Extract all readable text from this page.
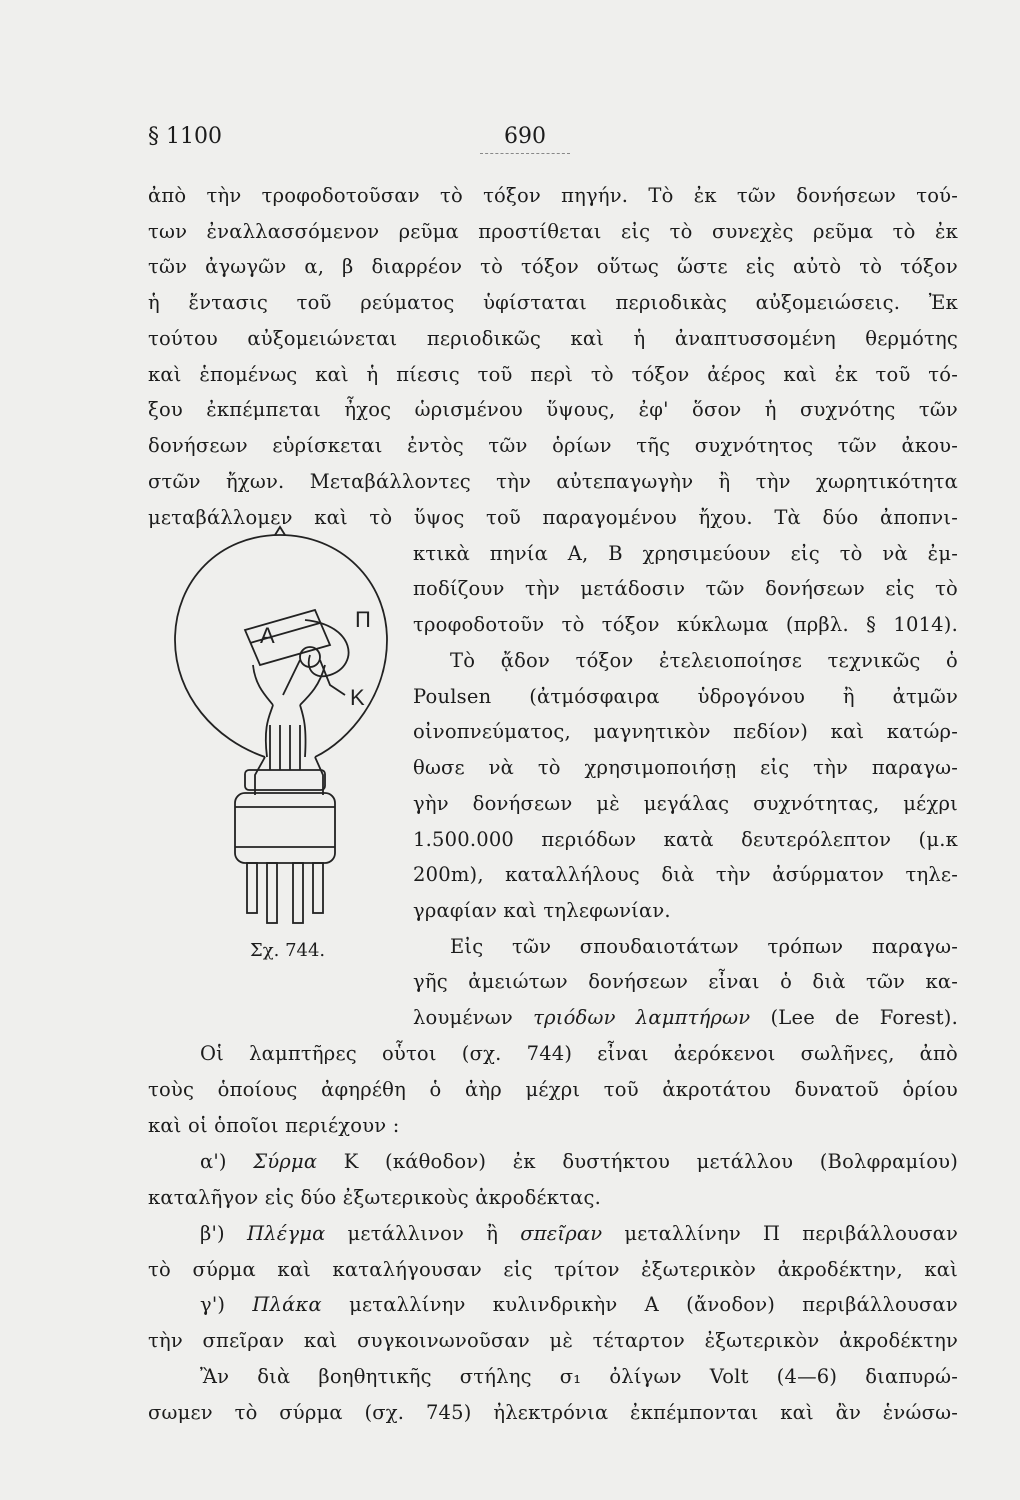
§ 1100	690
ἀπὸ τὴν τροφοδοτοῦσαν τὸ τόξον πηγήν. Τὸ ἐκ τῶν δονήσεων τού-
των ἐναλλασσόμενον ρεῦμα προστίθεται εἰς τὸ συνεχὲς ρεῦμα τὸ ἐκ
τῶν ἀγωγῶν α, β διαρρέον τὸ τόξον οὕτως ὥστε εἰς αὐτὸ τὸ τόξον
ἡ ἔντασις τοῦ ρεύματος ὑφίσταται περιοδικὰς αὐξομειώσεις. Ἐκ
τούτου αὐξομειώνεται περιοδικῶς καὶ ἡ ἀναπτυσσομένη θερμότης
καὶ ἑπομένως καὶ ἡ πίεσις τοῦ περὶ τὸ τόξον ἀέρος καὶ ἐκ τοῦ τό-
ξου ἐκπέμπεται ἦχος ὡρισμένου ὕψους, ἐφ' ὅσον ἡ συχνότης τῶν
δονήσεων εὑρίσκεται ἐντὸς τῶν ὁρίων τῆς συχνότητος τῶν ἀκου-
στῶν ἤχων. Μεταβάλλοντες τὴν αὐτεπαγωγὴν ἢ τὴν χωρητικότητα
μεταβάλλομεν καὶ τὸ ὕψος τοῦ παραγομένου ἤχου. Τὰ δύο ἀποπνι-
κτικὰ πηνία Α, Β χρησιμεύουν εἰς τὸ νὰ ἐμ-
ποδίζουν τὴν μετάδοσιν τῶν δονήσεων εἰς τὸ
τροφοδοτοῦν τὸ τόξον κύκλωμα (πρβλ. § 1014).
Τὸ ᾄδον τόξον ἐτελειοποίησε τεχνικῶς ὁ
Poulsen (ἀτμόσφαιρα ὑδρογόνου ἢ ἀτμῶν
οἰνοπνεύματος, μαγνητικὸν πεδίον) καὶ κατώρ-
θωσε νὰ τὸ χρησιμοποιήσῃ εἰς τὴν παραγω-
γὴν δονήσεων μὲ μεγάλας συχνότητας, μέχρι
1.500.000 περιόδων κατὰ δευτερόλεπτον (μ.κ
200m), καταλλήλους διὰ τὴν ἀσύρματον τηλε-
γραφίαν καὶ τηλεφωνίαν.
Εἰς τῶν σπουδαιοτάτων τρόπων παραγω-
γῆς ἀμειώτων δονήσεων εἶναι ὁ διὰ τῶν κα-
λουμένων τριόδων λαμπτήρων (Lee de Forest).
Α
Π
Κ
Σχ. 744.
Οἱ λαμπτῆρες οὗτοι (σχ. 744) εἶναι ἀερόκενοι σωλῆνες, ἀπὸ
τοὺς ὁποίους ἀφηρέθη ὁ ἀὴρ μέχρι τοῦ ἀκροτάτου δυνατοῦ ὁρίου
καὶ οἱ ὁποῖοι περιέχουν :
α') Σύρμα Κ (κάθοδον) ἐκ δυστήκτου μετάλλου (Βολφραμίου)
καταλῆγον εἰς δύο ἐξωτερικοὺς ἀκροδέκτας.
β') Πλέγμα μετάλλινον ἢ σπεῖραν μεταλλίνην Π περιβάλλουσαν
τὸ σύρμα καὶ καταλήγουσαν εἰς τρίτον ἐξωτερικὸν ἀκροδέκτην, καὶ
γ') Πλάκα μεταλλίνην κυλινδρικὴν Α (ἄνοδον) περιβάλλουσαν
τὴν σπεῖραν καὶ συγκοινωνοῦσαν μὲ τέταρτον ἐξωτερικὸν ἀκροδέκτην
Ἂν διὰ βοηθητικῆς στήλης σ₁ ὀλίγων Volt (4—6) διαπυρώ-
σωμεν τὸ σύρμα (σχ. 745) ἠλεκτρόνια ἐκπέμπονται καὶ ἂν ἑνώσω-
